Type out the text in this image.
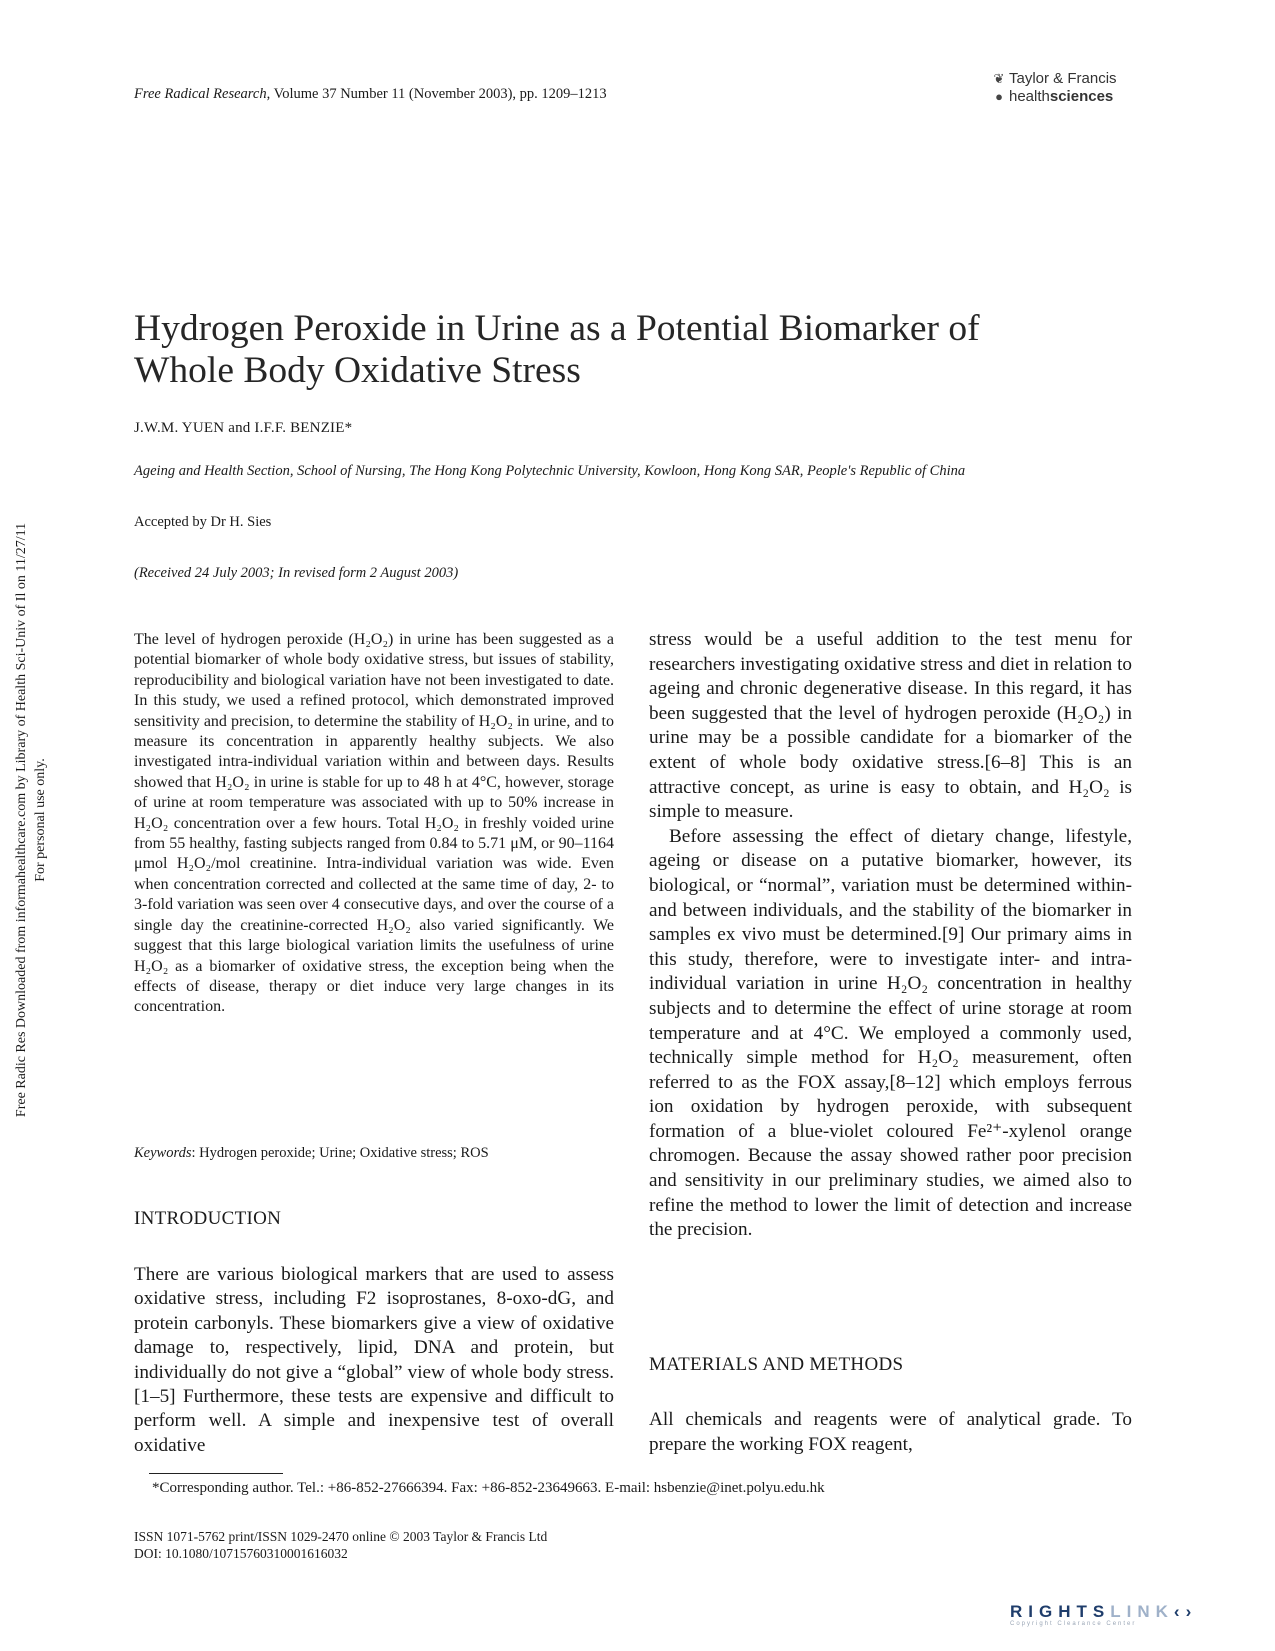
Free Radic Res Downloaded from informahealthcare.com by Library of Health Sci-Univ of Il on 11/27/11 For personal use only.
Free Radical Research, Volume 37 Number 11 (November 2003), pp. 1209–1213
❦ Taylor & Francis
● health sciences
Hydrogen Peroxide in Urine as a Potential Biomarker of
Whole Body Oxidative Stress
J.W.M. YUEN and I.F.F. BENZIE*
Ageing and Health Section, School of Nursing, The Hong Kong Polytechnic University, Kowloon, Hong Kong SAR, People's Republic of China
Accepted by Dr H. Sies
(Received 24 July 2003; In revised form 2 August 2003)

The level of hydrogen peroxide (H₂O₂) in urine has been suggested as a potential biomarker of whole body oxidative stress, but issues of stability, reproducibility and biological variation have not been investigated to date. In this study, we used a refined protocol, which demonstrated improved sensitivity and precision, to determine the stability of H₂O₂ in urine, and to measure its concentration in apparently healthy subjects. We also investigated intra-individual variation within and between days. Results showed that H₂O₂ in urine is stable for up to 48 h at 4°C, however, storage of urine at room temperature was associated with up to 50% increase in H₂O₂ concentration over a few hours. Total H₂O₂ in freshly voided urine from 55 healthy, fasting subjects ranged from 0.84 to 5.71 μM, or 90–1164 μmol H₂O₂/mol creatinine. Intra-individual variation was wide. Even when concentration corrected and collected at the same time of day, 2- to 3-fold variation was seen over 4 consecutive days, and over the course of a single day the creatinine-corrected H₂O₂ also varied significantly. We suggest that this large biological variation limits the usefulness of urine H₂O₂ as a biomarker of oxidative stress, the exception being when the effects of disease, therapy or diet induce very large changes in its concentration.

Keywords: Hydrogen peroxide; Urine; Oxidative stress; ROS
INTRODUCTION

There are various biological markers that are used to assess oxidative stress, including F2 isoprostanes, 8-oxo-dG, and protein carbonyls. These biomarkers give a view of oxidative damage to, respectively, lipid, DNA and protein, but individually do not give a “global” view of whole body stress.[1–5] Furthermore, these tests are expensive and difficult to perform well. A simple and inexpensive test of overall oxidative

stress would be a useful addition to the test menu for researchers investigating oxidative stress and diet in relation to ageing and chronic degenerative disease. In this regard, it has been suggested that the level of hydrogen peroxide (H₂O₂) in urine may be a possible candidate for a biomarker of the extent of whole body oxidative stress.[6–8] This is an attractive concept, as urine is easy to obtain, and H₂O₂ is simple to measure.

Before assessing the effect of dietary change, lifestyle, ageing or disease on a putative biomarker, however, its biological, or “normal”, variation must be determined within- and between individuals, and the stability of the biomarker in samples ex vivo must be determined.[9] Our primary aims in this study, therefore, were to investigate inter- and intra-individual variation in urine H₂O₂ concentration in healthy subjects and to determine the effect of urine storage at room temperature and at 4°C. We employed a commonly used, technically simple method for H₂O₂ measurement, often referred to as the FOX assay,[8–12] which employs ferrous ion oxidation by hydrogen peroxide, with subsequent formation of a blue-violet coloured Fe²⁺-xylenol orange chromogen. Because the assay showed rather poor precision and sensitivity in our preliminary studies, we aimed also to refine the method to lower the limit of detection and increase the precision.

MATERIALS AND METHODS

All chemicals and reagents were of analytical grade. To prepare the working FOX reagent,

*Corresponding author. Tel.: +86-852-27666394. Fax: +86-852-23649663. E-mail: hsbenzie@inet.polyu.edu.hk
ISSN 1071-5762 print/ISSN 1029-2470 online © 2003 Taylor & Francis Ltd
DOI: 10.1080/10715760310001616032
RIGHTSLINK‹›
Copyright Clearance Center
